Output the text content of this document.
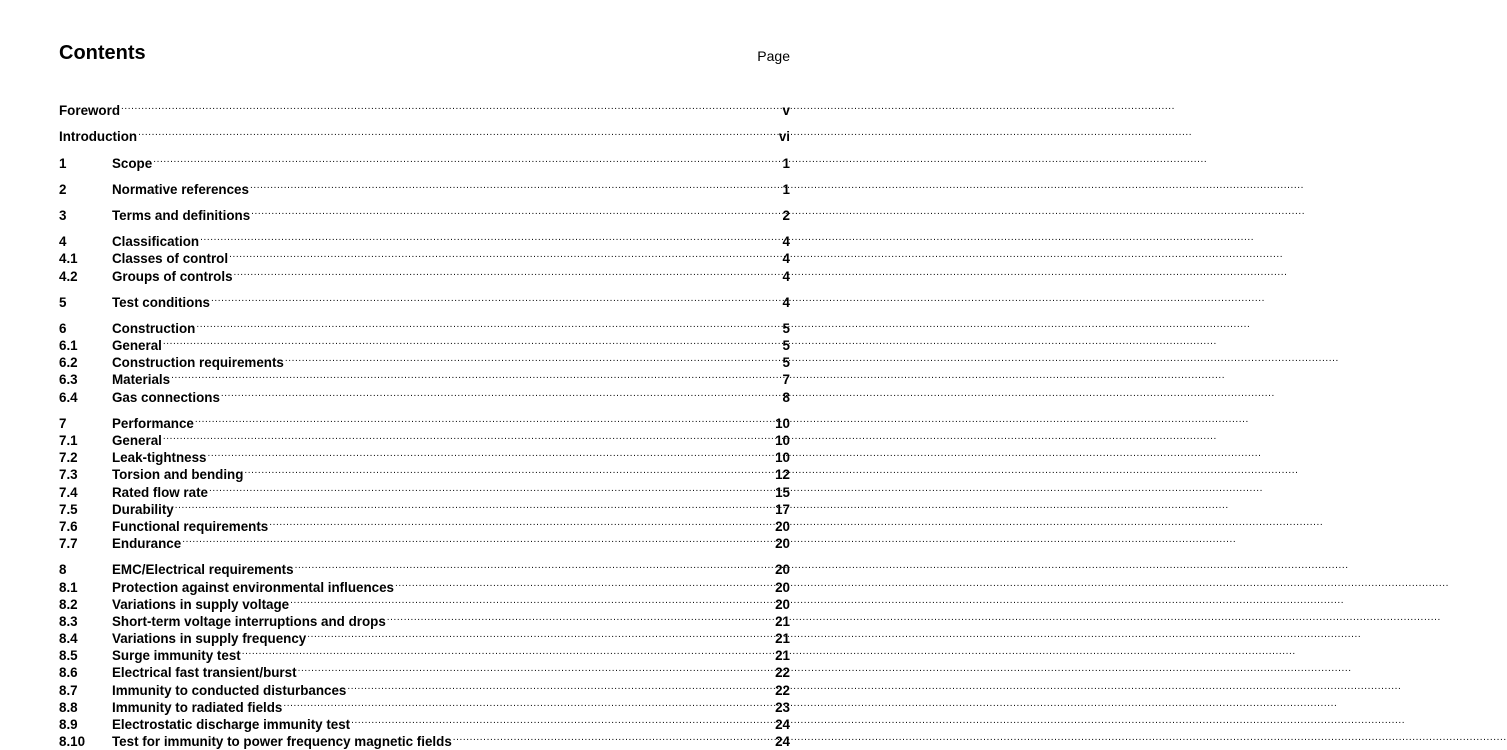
Contents	Page
Foreword .....	v
Introduction .....	vi
1	Scope .....	1
2	Normative references .....	1
3	Terms and definitions .....	2
4	Classification .....	4
4.1	Classes of control .....	4
4.2	Groups of controls .....	4
5	Test conditions .....	4
6	Construction .....	5
6.1	General .....	5
6.2	Construction requirements .....	5
6.3	Materials .....	7
6.4	Gas connections .....	8
7	Performance .....	10
7.1	General .....	10
7.2	Leak-tightness .....	10
7.3	Torsion and bending .....	12
7.4	Rated flow rate .....	15
7.5	Durability .....	17
7.6	Functional requirements .....	20
7.7	Endurance .....	20
8	EMC/Electrical requirements .....	20
8.1	Protection against environmental influences .....	20
8.2	Variations in supply voltage .....	20
8.3	Short-term voltage interruptions and drops .....	21
8.4	Variations in supply frequency .....	21
8.5	Surge immunity test .....	21
8.6	Electrical fast transient/burst .....	22
8.7	Immunity to conducted disturbances .....	22
8.8	Immunity to radiated fields .....	23
8.9	Electrostatic discharge immunity test .....	24
8.10	Test for immunity to power frequency magnetic fields .....	24
